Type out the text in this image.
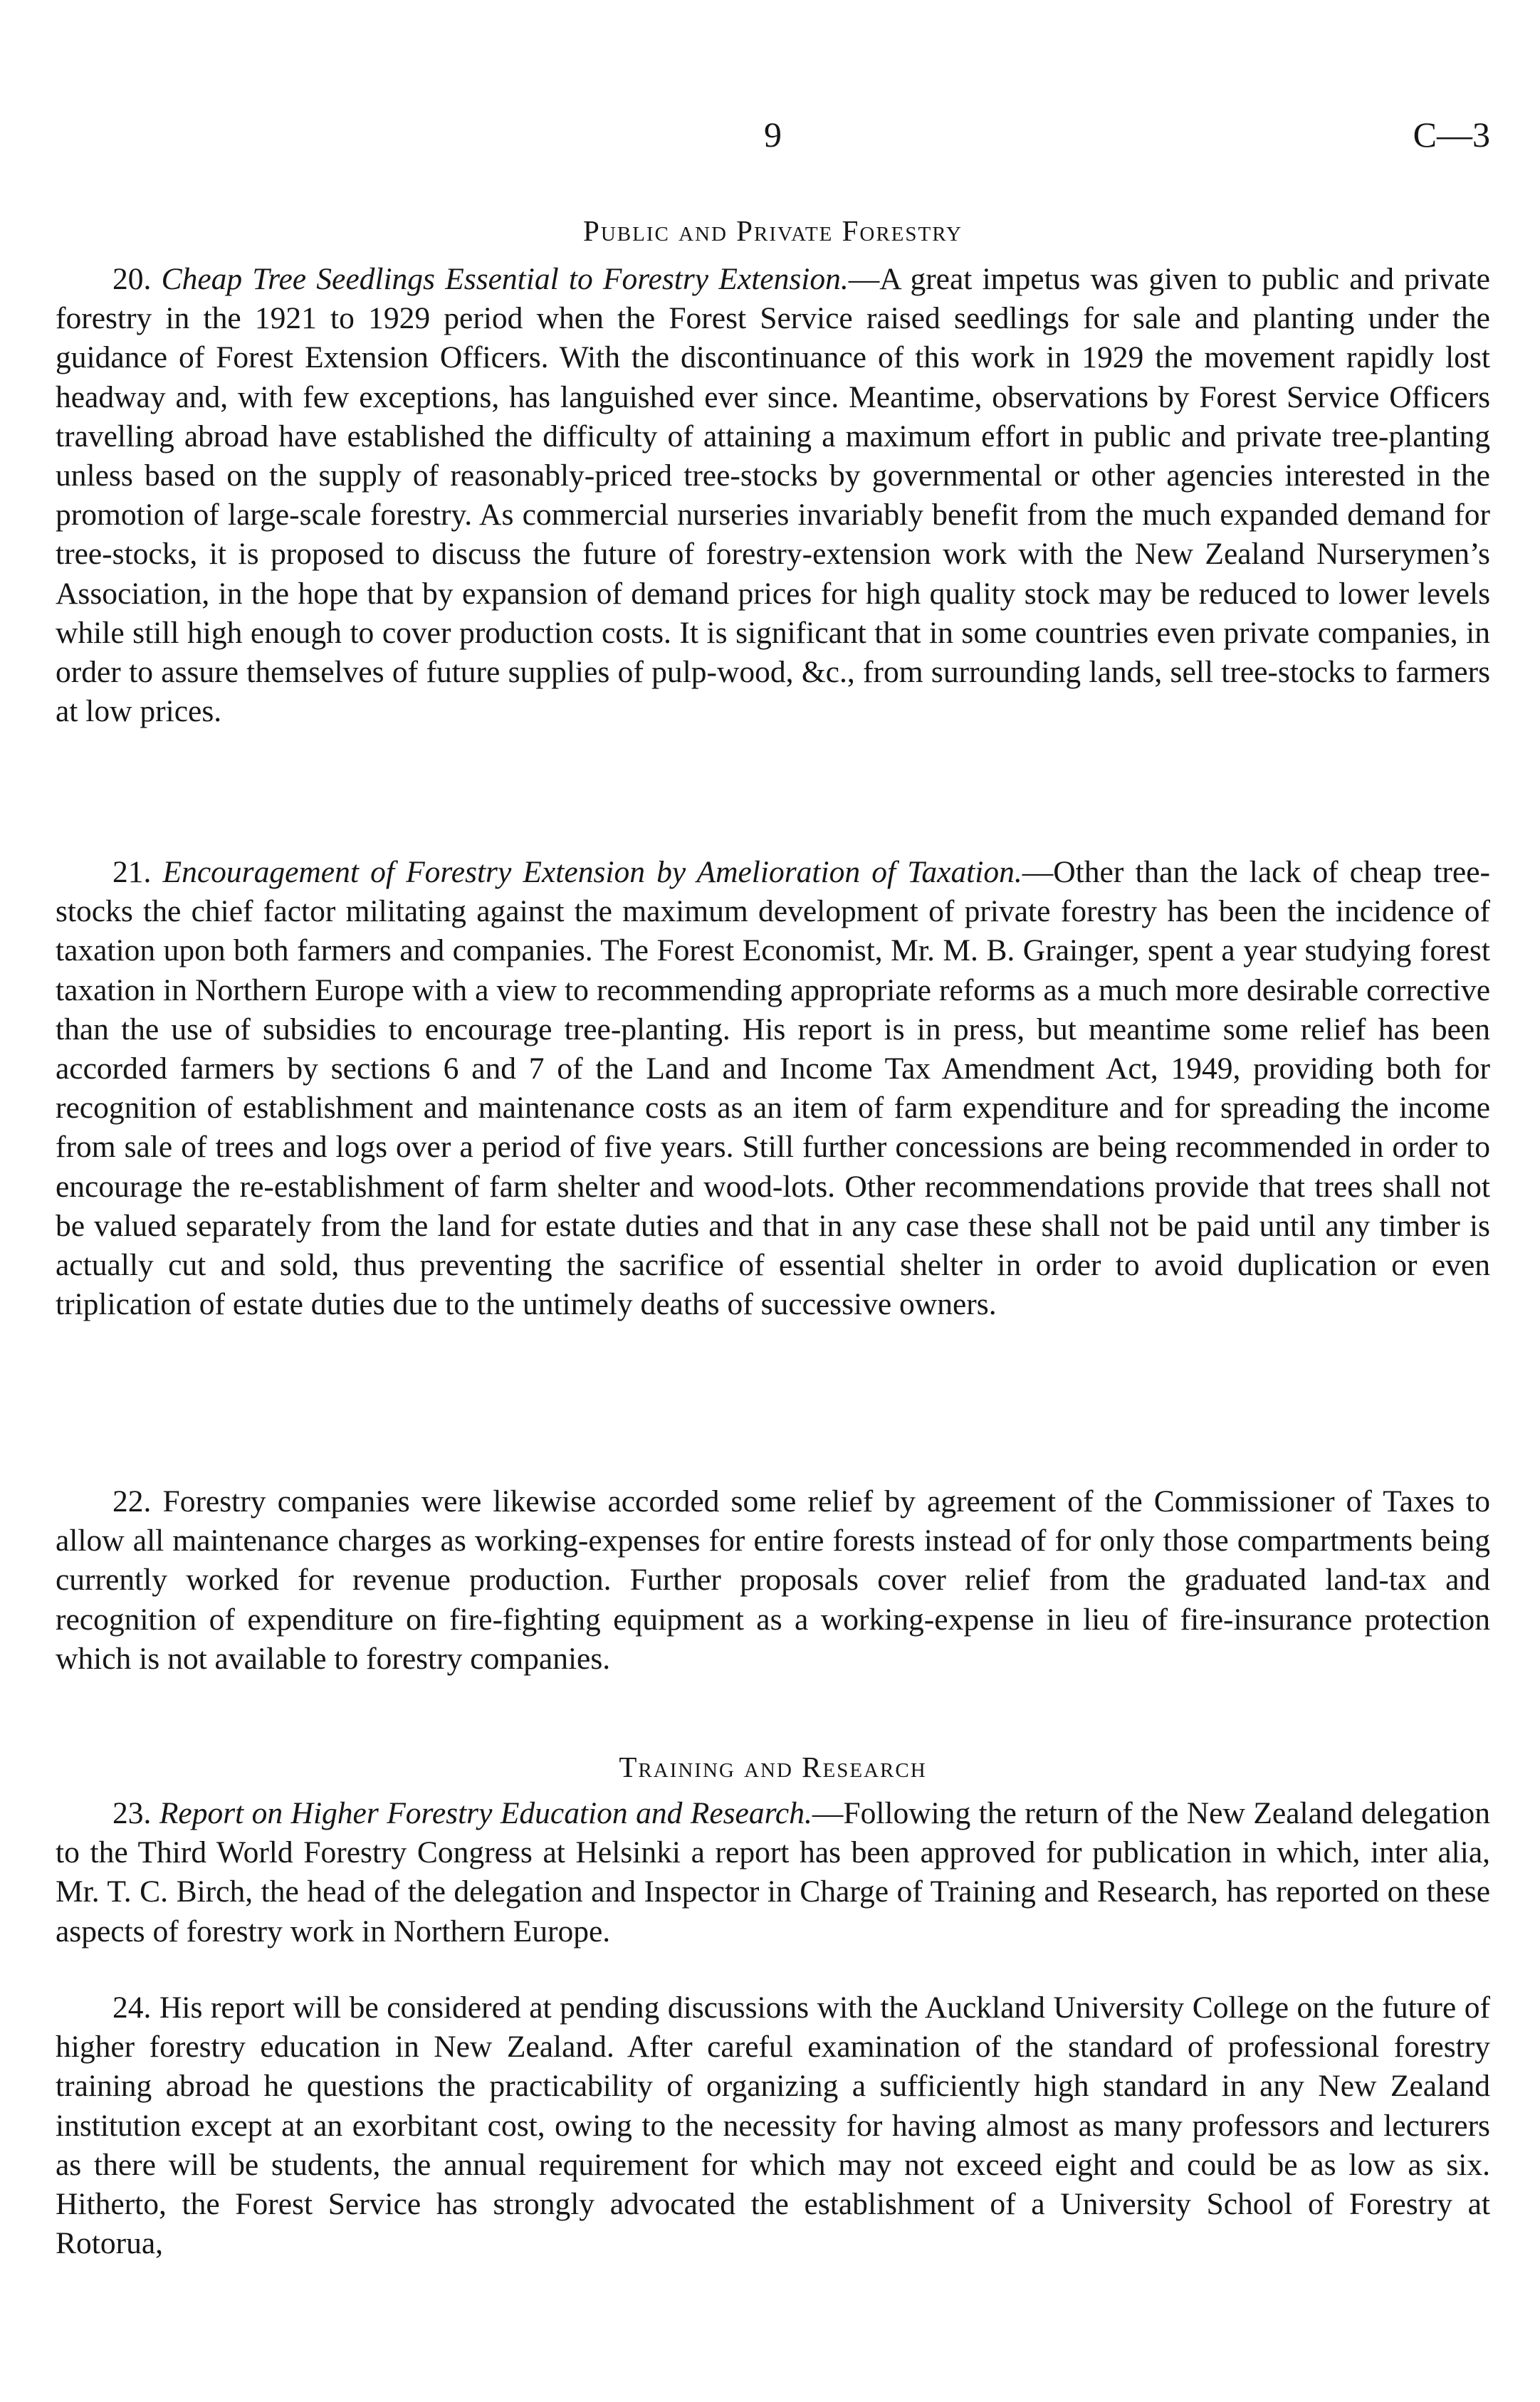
9	C—3
Public and Private Forestry

20. Cheap Tree Seedlings Essential to Forestry Extension.—A great impetus was given to public and private forestry in the 1921 to 1929 period when the Forest Service raised seedlings for sale and planting under the guidance of Forest Extension Officers. With the discontinuance of this work in 1929 the movement rapidly lost headway and, with few exceptions, has languished ever since. Meantime, observations by Forest Service Officers travelling abroad have established the difficulty of attaining a maximum effort in public and private tree-planting unless based on the supply of reasonably-priced tree-stocks by governmental or other agencies interested in the promotion of large-scale forestry. As commercial nurseries invariably benefit from the much expanded demand for tree-stocks, it is proposed to discuss the future of forestry-extension work with the New Zealand Nurserymen’s Association, in the hope that by expansion of demand prices for high quality stock may be reduced to lower levels while still high enough to cover production costs. It is significant that in some countries even private companies, in order to assure themselves of future supplies of pulp-wood, &c., from surrounding lands, sell tree-stocks to farmers at low prices.

21. Encouragement of Forestry Extension by Amelioration of Taxation.—Other than the lack of cheap tree-stocks the chief factor militating against the maximum development of private forestry has been the incidence of taxation upon both farmers and companies. The Forest Economist, Mr. M. B. Grainger, spent a year studying forest taxation in Northern Europe with a view to recommending appropriate reforms as a much more desirable corrective than the use of subsidies to encourage tree-planting. His report is in press, but meantime some relief has been accorded farmers by sections 6 and 7 of the Land and Income Tax Amendment Act, 1949, providing both for recognition of establishment and maintenance costs as an item of farm expenditure and for spreading the income from sale of trees and logs over a period of five years. Still further concessions are being recommended in order to encourage the re-establishment of farm shelter and wood-lots. Other recommendations provide that trees shall not be valued separately from the land for estate duties and that in any case these shall not be paid until any timber is actually cut and sold, thus preventing the sacrifice of essential shelter in order to avoid duplication or even triplication of estate duties due to the untimely deaths of successive owners.

22. Forestry companies were likewise accorded some relief by agreement of the Commissioner of Taxes to allow all maintenance charges as working-expenses for entire forests instead of for only those compartments being currently worked for revenue production. Further proposals cover relief from the graduated land-tax and recognition of expenditure on fire-fighting equipment as a working-expense in lieu of fire-insurance protection which is not available to forestry companies.

Training and Research

23. Report on Higher Forestry Education and Research.—Following the return of the New Zealand delegation to the Third World Forestry Congress at Helsinki a report has been approved for publication in which, inter alia, Mr. T. C. Birch, the head of the delegation and Inspector in Charge of Training and Research, has reported on these aspects of forestry work in Northern Europe.

24. His report will be considered at pending discussions with the Auckland University College on the future of higher forestry education in New Zealand. After careful examination of the standard of professional forestry training abroad he questions the practicability of organizing a sufficiently high standard in any New Zealand institution except at an exorbitant cost, owing to the necessity for having almost as many professors and lecturers as there will be students, the annual requirement for which may not exceed eight and could be as low as six. Hitherto, the Forest Service has strongly advocated the establishment of a University School of Forestry at Rotorua,
